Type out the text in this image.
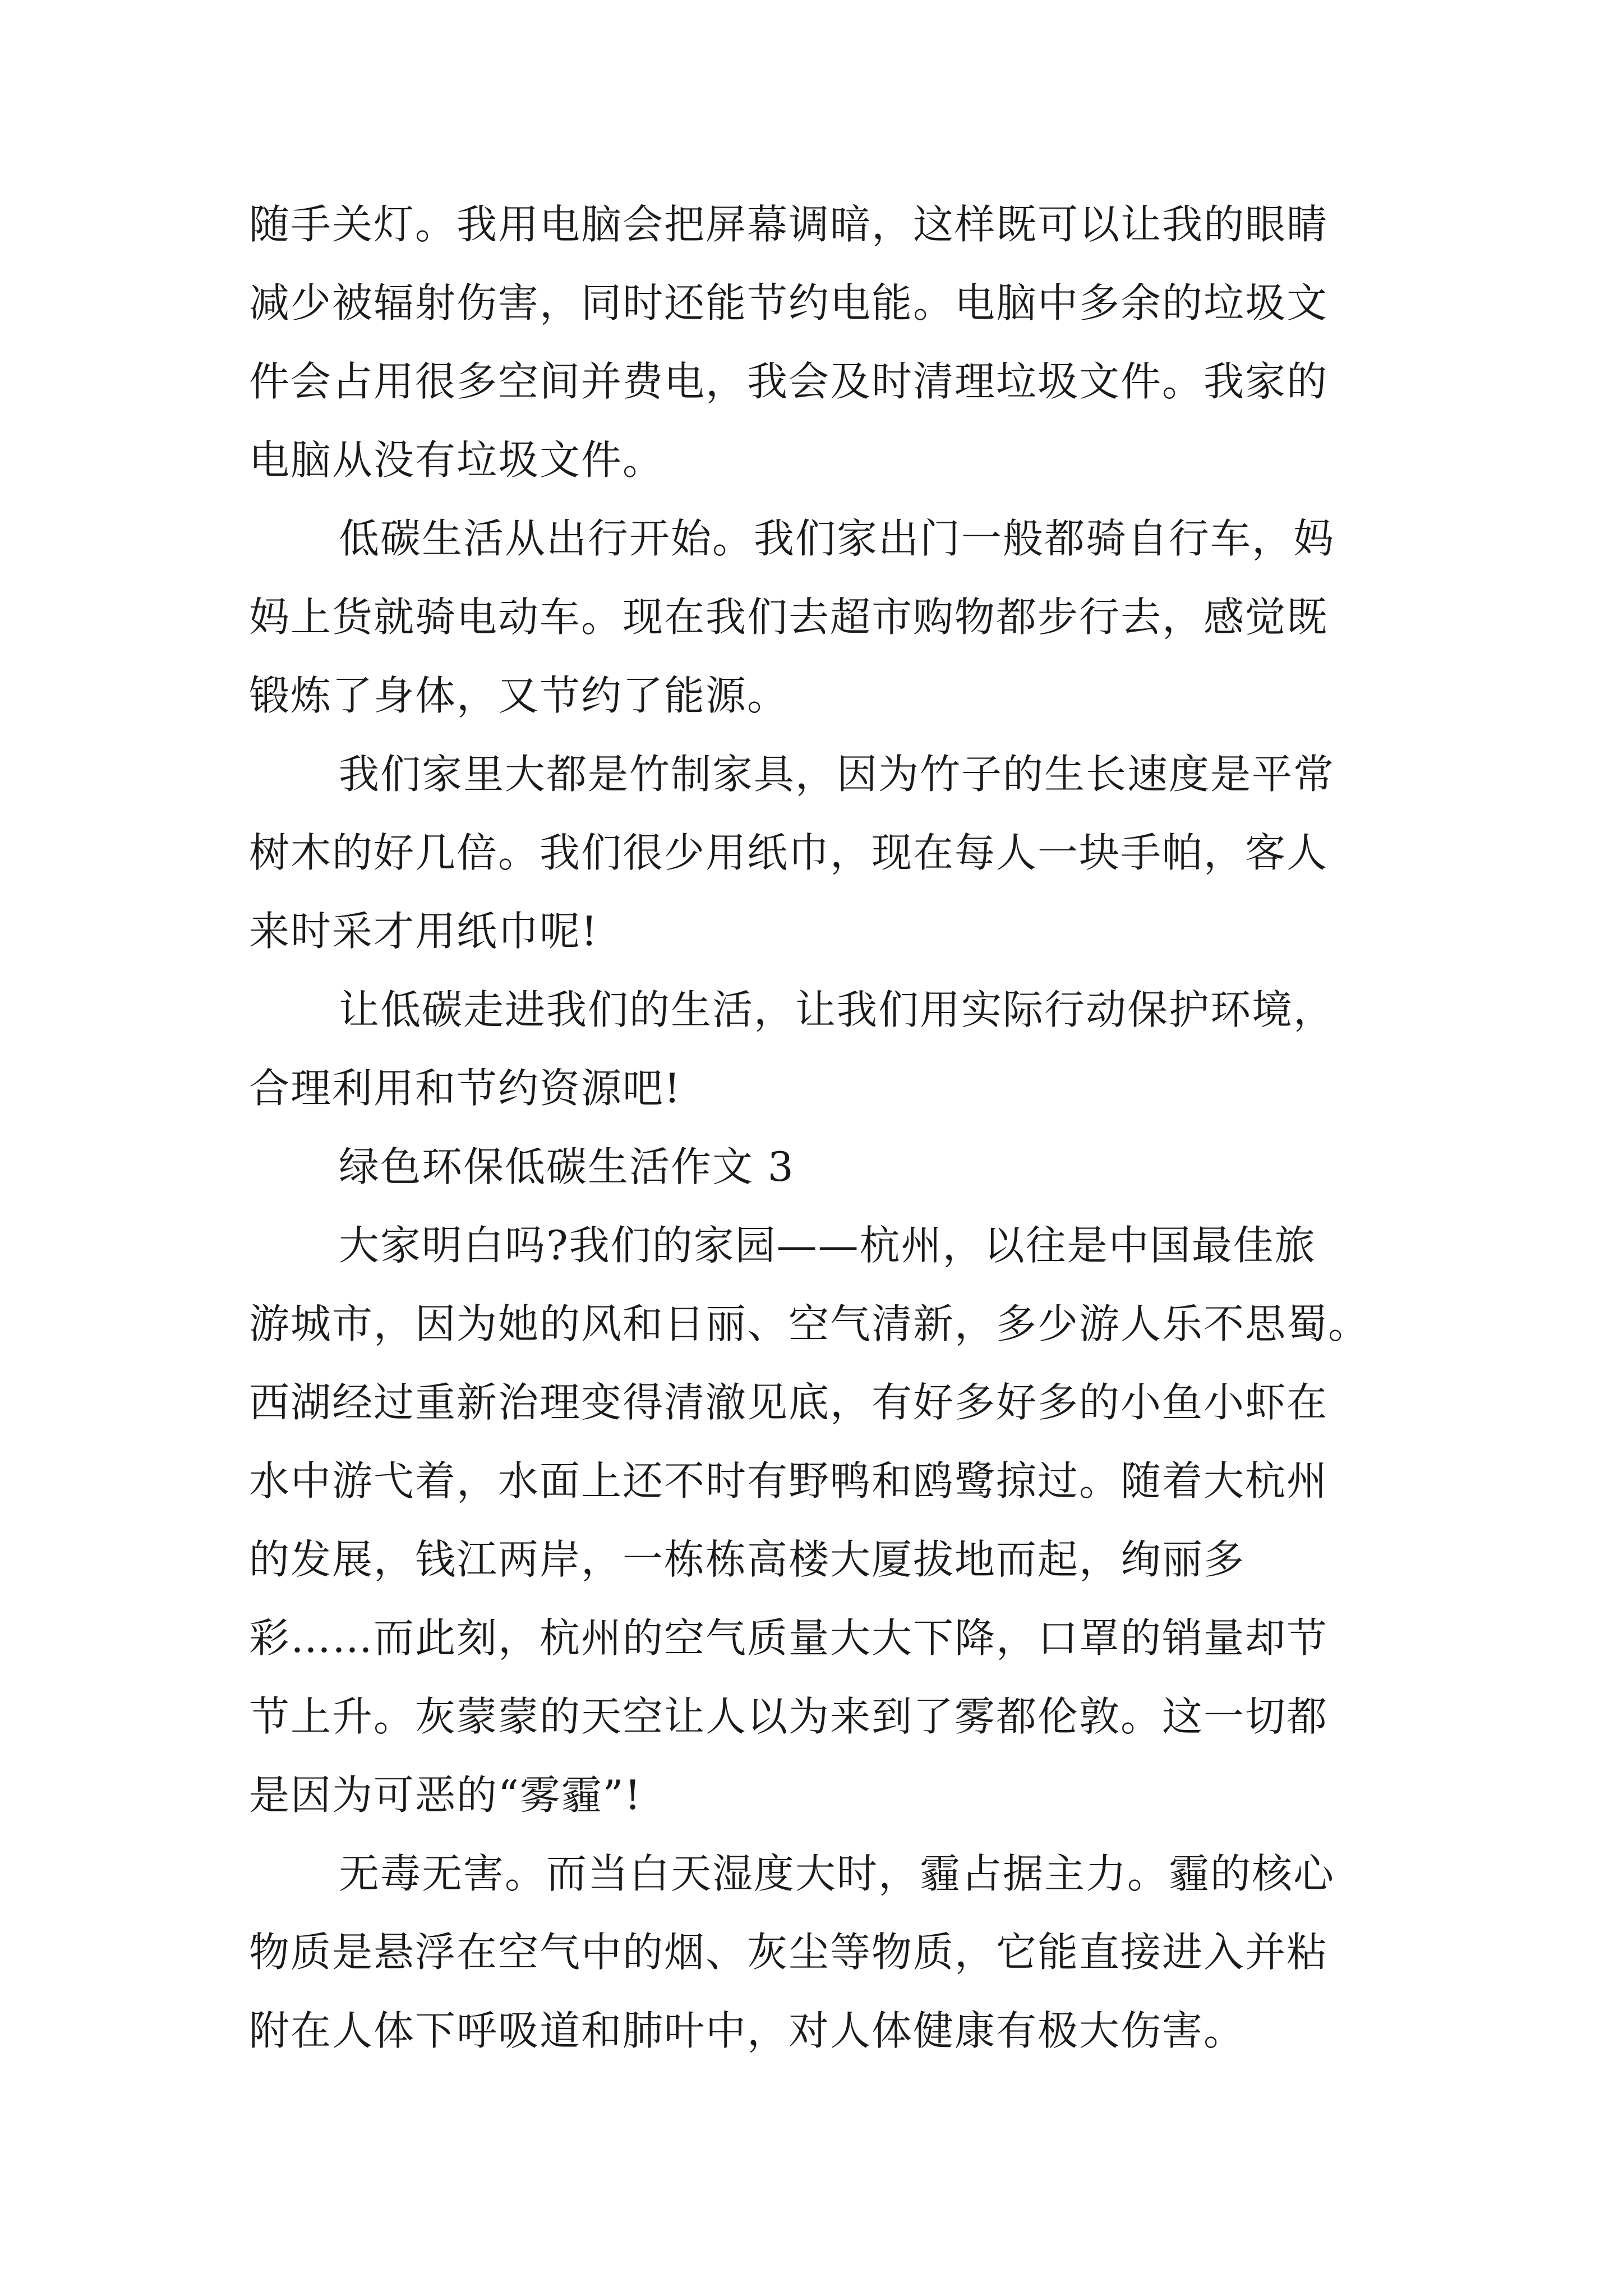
随手关灯。我用电脑会把屏幕调暗，这样既可以让我的眼睛
减少被辐射伤害，同时还能节约电能。电脑中多余的垃圾文
件会占用很多空间并费电，我会及时清理垃圾文件。我家的
电脑从没有垃圾文件。
低碳生活从出行开始。我们家出门一般都骑自行车，妈
妈上货就骑电动车。现在我们去超市购物都步行去，感觉既
锻炼了身体，又节约了能源。
我们家里大都是竹制家具，因为竹子的生长速度是平常
树木的好几倍。我们很少用纸巾，现在每人一块手帕，客人
来时采才用纸巾呢!
让低碳走进我们的生活，让我们用实际行动保护环境，
合理利用和节约资源吧!
绿色环保低碳生活作文 3
大家明白吗?我们的家园——杭州，以往是中国最佳旅
游城市，因为她的风和日丽、空气清新，多少游人乐不思蜀。
西湖经过重新治理变得清澈见底，有好多好多的小鱼小虾在
水中游弋着，水面上还不时有野鸭和鸥鹭掠过。随着大杭州
的发展，钱江两岸，一栋栋高楼大厦拔地而起，绚丽多
彩……而此刻，杭州的空气质量大大下降，口罩的销量却节
节上升。灰蒙蒙的天空让人以为来到了雾都伦敦。这一切都
是因为可恶的“雾霾”!
无毒无害。而当白天湿度大时，霾占据主力。霾的核心
物质是悬浮在空气中的烟、灰尘等物质，它能直接进入并粘
附在人体下呼吸道和肺叶中，对人体健康有极大伤害。
